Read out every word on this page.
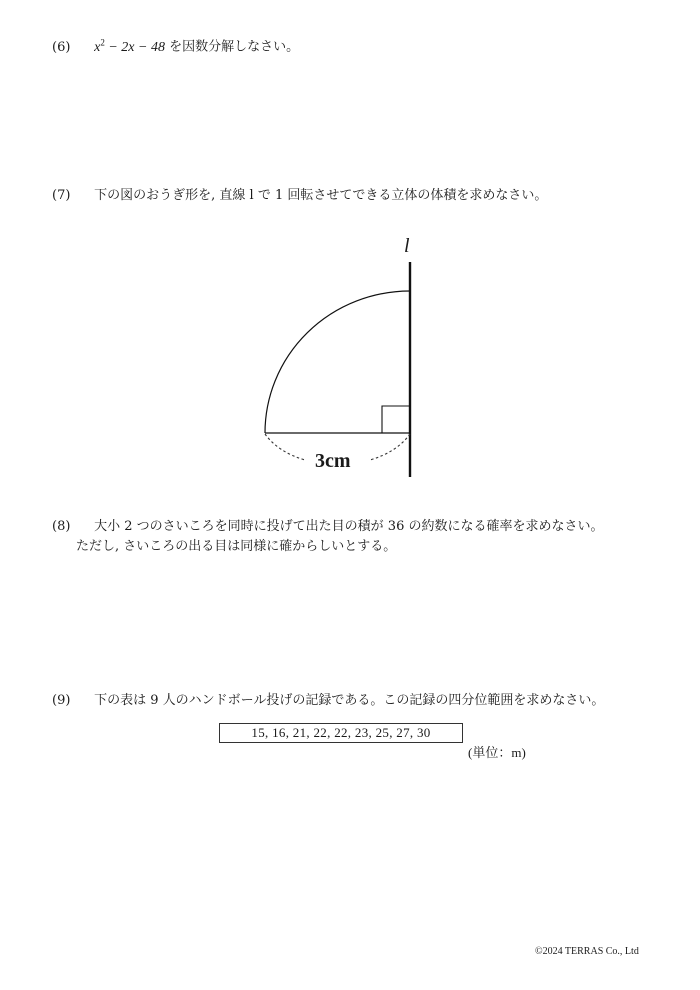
(6) $x^2 - 2x - 48$ を因数分解しなさい。
(7) 下の図のおうぎ形を, 直線 l で 1 回転させてできる立体の体積を求めなさい。
l
3cm
(8) 大小 2 つのさいころを同時に投げて出た目の積が 36 の約数になる確率を求めなさい。
ただし, さいころの出る目は同様に確からしいとする。
(9) 下の表は 9 人のハンドボール投げの記録である。この記録の四分位範囲を求めなさい。
15, 16, 21, 22, 22, 23, 25, 27, 30
(単位：m)
©2024 TERRAS Co., Ltd
